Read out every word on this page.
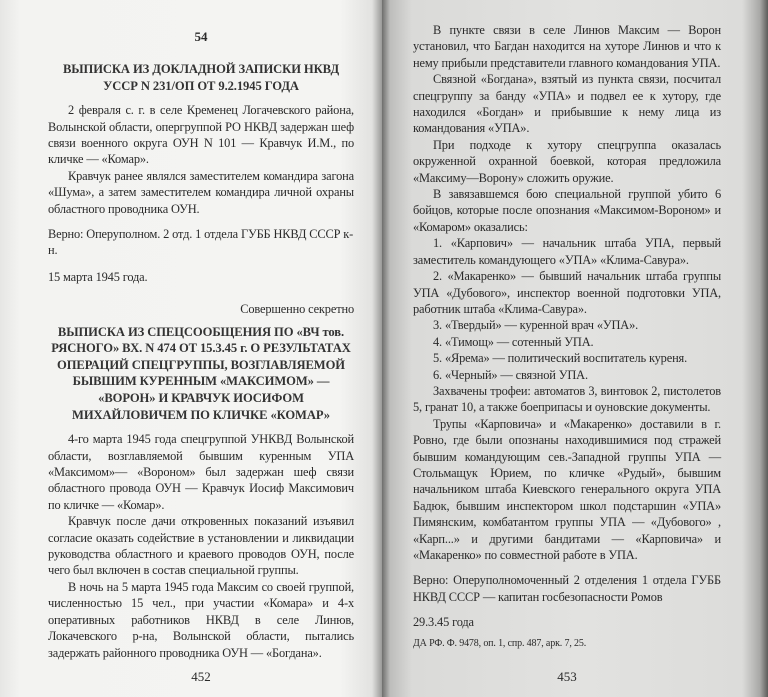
54
ВЫПИСКА ИЗ ДОКЛАДНОЙ ЗАПИСКИ НКВД УССР N 231/ОП ОТ 9.2.1945 ГОДА

2 февраля с. г. в селе Кременец Логачевского района, Волынской области, опергруппой РО НКВД задержан шеф связи военного округа ОУН N 101 — Кравчук И.М., по кличке — «Комар».

Кравчук ранее являлся заместителем командира загона «Шума», а затем заместителем командира личной охраны областного проводника ОУН.

Верно: Оперуполном. 2 отд. 1 отдела ГУББ НКВД СССР к-н.
15 марта 1945 года.
Совершенно секретно
ВЫПИСКА ИЗ СПЕЦСООБЩЕНИЯ ПО «ВЧ тов. РЯСНОГО» ВХ. N 474 ОТ 15.3.45 г. О РЕЗУЛЬТАТАХ ОПЕРАЦИЙ СПЕЦГРУППЫ, ВОЗГЛАВЛЯЕМОЙ БЫВШИМ КУРЕННЫМ «МАКСИМОМ» — «ВОРОН» И КРАВЧУК ИОСИФОМ МИХАЙЛОВИЧЕМ ПО КЛИЧКЕ «КОМАР»

4-го марта 1945 года спецгруппой УНКВД Волынской области, возглавляемой бывшим куренным УПА «Максимом»— «Вороном» был задержан шеф связи областного провода ОУН — Кравчук Иосиф Максимович по кличке — «Комар».

Кравчук после дачи откровенных показаний изъявил согласие оказать содействие в установлении и ликвидации руководства областного и краевого проводов ОУН, после чего был включен в состав специальной группы.

В ночь на 5 марта 1945 года Максим со своей группой, численностью 15 чел., при участии «Комара» и 4-х оперативных работников НКВД в селе Линюв, Локачевского р-на, Волынской области, пытались задержать районного проводника ОУН — «Богдана».

452

В пункте связи в селе Линюв Максим — Ворон установил, что Багдан находится на хуторе Линюв и что к нему прибыли представители главного командования УПА.

Связной «Богдана», взятый из пункта связи, посчитал спецгруппу за банду «УПА» и подвел ее к хутору, где находился «Богдан» и прибывшие к нему лица из командования «УПА».

При подходе к хутору спецгруппа оказалась окруженной охранной боевкой, которая предложила «Максиму—Ворону» сложить оружие.

В завязавшемся бою специальной группой убито 6 бойцов, которые после опознания «Максимом-Вороном» и «Комаром» оказались:

1. «Карпович» — начальник штаба УПА, первый заместитель командующего «УПА» «Клима-Савура».

2. «Макаренко» — бывший начальник штаба группы УПА «Дубового», инспектор военной подготовки УПА, работник штаба «Клима-Савура».

3. «Твердый» — куренной врач «УПА».

4. «Тимощ» — сотенный УПА.

5. «Ярема» — политический воспитатель куреня.

6. «Черный» — связной УПА.

Захвачены трофеи: автоматов 3, винтовок 2, пистолетов 5, гранат 10, а также боеприпасы и оуновские документы.

Трупы «Карповича» и «Макаренко» доставили в г. Ровно, где были опознаны находившимися под стражей бывшим командующим сев.-Западной группы УПА — Стольмащук Юрием, по кличке «Рудый», бывшим начальником штаба Киевского генерального округа УПА Бадюк, бывшим инспектором школ подстаршин «УПА» Пимянским, комбатантом группы УПА — «Дубового» , «Карп...» и другими бандитами — «Карповича» и «Макаренко» по совместной работе в УПА.

Верно: Оперуполномоченный 2 отделения 1 отдела ГУББ НКВД СССР — капитан госбезопасности Ромов
29.3.45 года
ДА РФ. Ф. 9478, оп. 1, спр. 487, арк. 7, 25.
453
